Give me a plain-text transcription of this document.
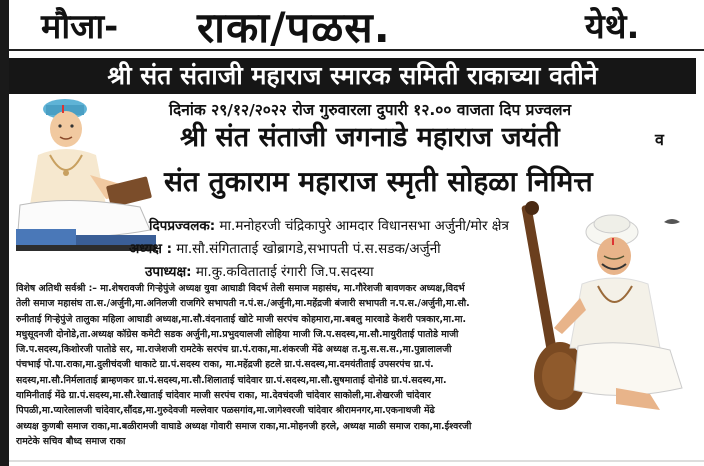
मौजा- राका/पळस.	येथे.
श्री संत संताजी महाराज स्मारक समिती राकाच्या वतीने
दिनांक २९/१२/२०२२ रोज गुरुवारला दुपारी १२.०० वाजता दिप प्रज्वलन
श्री संत संताजी जगनाडे महाराज जयंती	व
संत तुकाराम महाराज स्मृती सोहळा निमित्त
दिपप्रज्वलक: मा.मनोहरजी चंद्रिकापुरे आमदार विधानसभा अर्जुनी/मोर क्षेत्र
अध्यक्ष : मा.सौ.संगिताताई खोब्रागडे,सभापती पं.स.सडक/अर्जुनी
उपाध्यक्ष: मा.कु.कविताताई रंगारी जि.प.सदस्या
विशेष अतिथी सर्वश्री :– मा.शेषरावजी गिऱ्हेपुंजे अध्यक्ष युवा आघाडी विदर्भ तेली समाज महासंघ, मा.गौरेशजी बावणकर अध्यक्ष,विदर्भ
तेली समाज महासंघ ता.स./अर्जुनी,मा.अनिलजी राजगिरे सभापती न.पं.स./अर्जुनी,मा.महेंद्रजी बंजारी सभापती न.प.स./अर्जुनी,मा.सौ.
रुनीताई गिऱ्हेपुंजे तालुका महिला आघाडी अध्यक्ष,मा.सौ.वंदनाताई खोटे माजी सरपंच कोहमारा,मा.बबलु मारवाडे केशरी पत्रकार,मा.मा.
मधुसूदनजी दोनोडे,ता.अध्यक्ष कॉग्रेस कमेटी सडक अर्जुनी,मा.प्रभुदयालजी लोहिया माजी जि.प.सदस्य,मा.सौ.मायुरीताई पातोडे माजी
जि.प.सदस्य,किशोरजी पातोडे सर, मा.राजेशजी रामटेके सरपंच ग्रा.पं.राका,मा.शंकरजी मेंढे अध्यक्ष त.मु.स.स.स.,मा.पुन्नालालजी
पंचभाई पो.पा.राका,मा.दुलीचंदजी धाकाटे ग्रा.पं.सदस्य राका, मा.महेंद्रजी हटले ग्रा.पं.सदस्य,मा.दमयंतीताई उपसरपंच ग्रा.पं.
सदस्य,मा.सौ.निर्मलाताई ब्राम्हणकर ग्रा.पं.सदस्य,मा.सौ.शिलाताई चांदेवार ग्रा.पं.सदस्य,मा.सौ.सुषमाताई दोनोडे ग्रा.पं.सदस्य,मा.
यामिनीताई मेंढे ग्रा.पं.सदस्य,मा.सौ.रेखाताई चांदेवार माजी सरपंच राका, मा.देवचंदजी चांदेवार साकोली,मा.शेखरजी चांदेवार
पिपळी,मा.प्यारेलालजी चांदेवार,सौंदड,मा.गुरुदेवजी मल्लेवार पळसगांव,मा.जागेश्वरजी चांदेवार श्रीरामनगर,मा.एकनाथजी मेंढे
अध्यक्ष कुणबी समाज राका,मा.बळीरामजी वाघाडे अध्यक्ष गोवारी समाज राका,मा.मोहनजी हरले, अध्यक्ष माळी समाज राका,मा.ईश्वरजी
रामटेके सचिव बौध्द समाज राका
